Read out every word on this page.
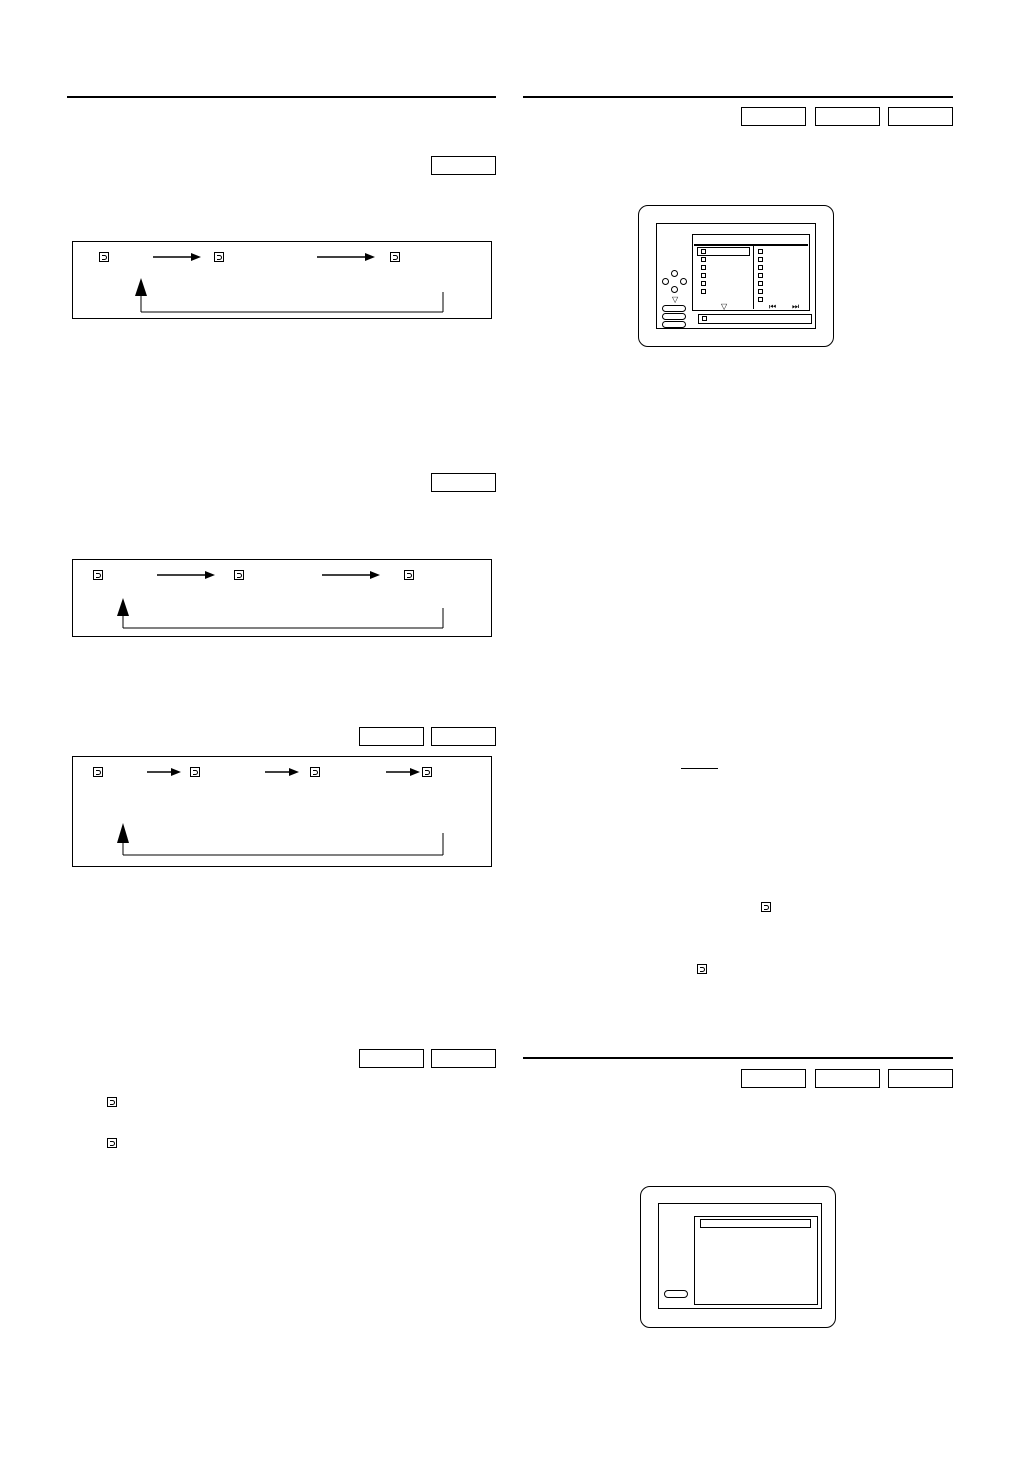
⏮ ⏭
▽
▽
